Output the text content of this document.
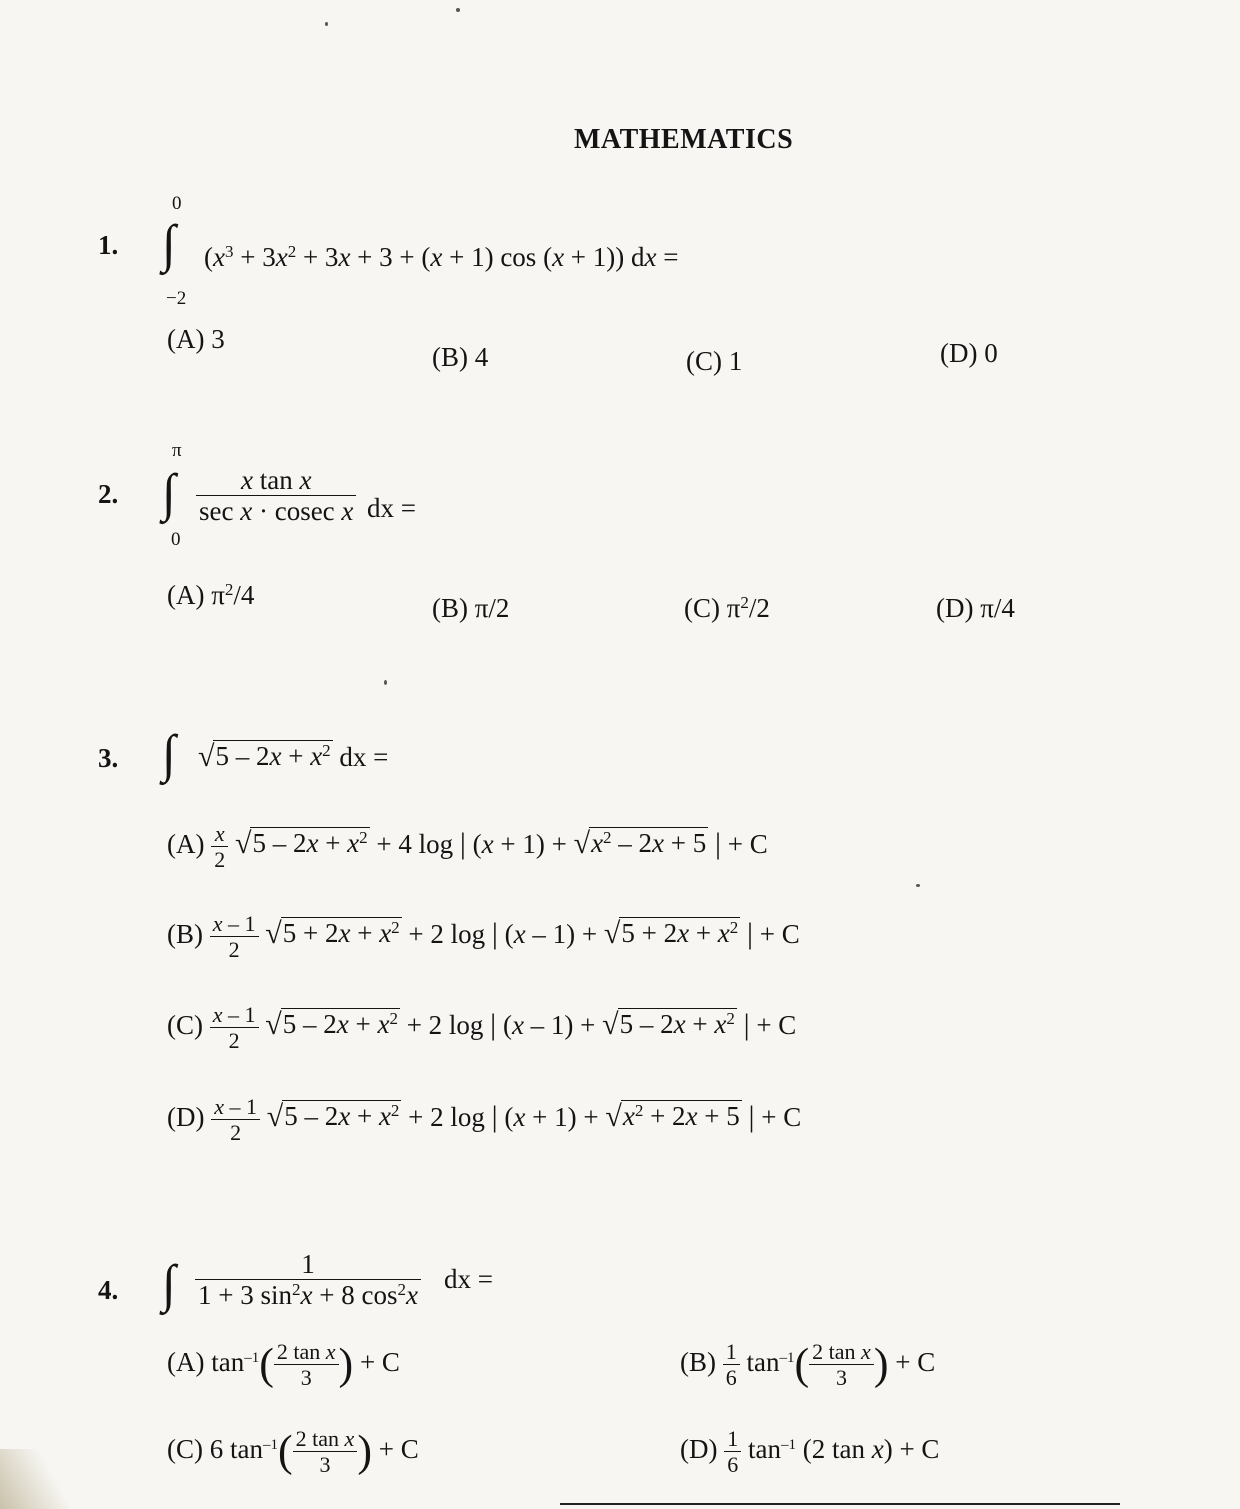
MATHEMATICS
1.
0
∫
−2
($x^3 + 3x^2 + 3x + 3 + (x + 1)$ cos (x + 1)) dx =
(A) 3
(B) 4	(C) 1	(D) 0
2.
π
∫
0
$\frac{\text{x tan x}}{\text{sec x · cosec x}}$ dx =
(A) $\pi^2/4$	(B) π/2	(C) $\pi^2/2$	(D) π/4
3. ∫ √ $5 - 2x + x^2$ dx =
$(A) \frac{x}{2}$
√ $5 - 2x + x^2 + 4$ log | (x + 1) + √ $x^2 - 2x + 5$ | + C
$(B) \frac{x - 1}{2}$
√ $5 + 2x + x^2 + 2$ log | (x – 1) + √ $5 + 2x + x^2$ | + C
$(C) \frac{x - 1}{2}$
√ $5 - 2x + x^2 + 2$ log | (x – 1) + √ $5 - 2x + x^2$ | + C
$(D) \frac{x - 1}{2}$
√ $5 - 2x + x^2 + 2$ log | (x + 1) + √ $x^2 + 2x + 5$ | + C
4. ∫ $\frac{1}{1 + 3 \sin^2x + 8 \cos^2x}$ dx =
(A) $\tan^{-1}( \frac{\text{2 tan x}}{3}$ ) + C	$(B) \frac{1}{6} \tan^{-1}( \frac{\text{2 tan x}}{3}$ ) + C
(C) 6 $\tan^{-1}( \frac{\text{2 tan x}}{3}$ ) + C	$(D) \frac{1}{6} \tan^{-1} (2$ tan x) + C
